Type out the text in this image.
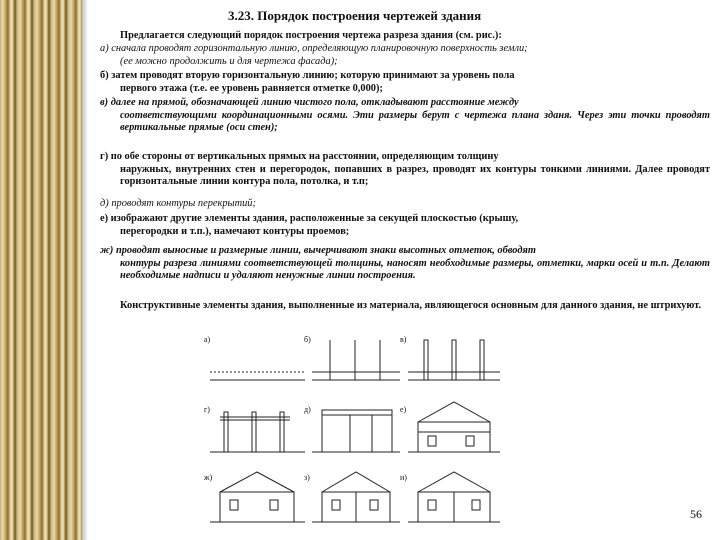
3.23. Порядок построения чертежей здания
Предлагается следующий порядок построения чертежа разреза здания (см. рис.):
а) сначала проводят горизонтальную линию, определяющую планировочную поверхность земли;
(ее можно продолжить и для чертежа фасада);
б) затем проводят вторую горизонтальную линию; которую принимают за уровень пола
первого этажа (т.е. ее уровень равняется отметке 0,000);
в) далее на прямой, обозначающей линию чистого пола, откладывают расстояние между
соответствующими координационными осями. Эти размеры берут с чертежа плана зданя. Через эти точки проводят вертикальные прямые (оси стен);
г) по обе стороны от вертикальных прямых на расстоянии, определяющим толщину
наружных, внутренних стен и перегородок, попавших в разрез, проводят их контуры тонкими линиями. Далее проводят горизонтальные линии контура пола, потолка, и т.п;
д) проводят контуры перекрытий;
е) изображают другие элементы здания, расположенные за секущей плоскостью (крышу,
перегородки и т.п.), намечают контуры проемов;
ж) проводят выносные и размерные линии, вычерчивают знаки высотных отметок, обводят
контуры разреза линиями соответствующей толщины, наносят необходимые размеры, отметки, марки осей и т.п. Делают необходимые надписи и удаляют ненужные линии построения.
Конструктивные элементы здания, выполненные из материала, являющегося основным для данного здания, не штрихуют.
а)	б)	в)
г)	д)	е)
ж)	з)	и)
56
